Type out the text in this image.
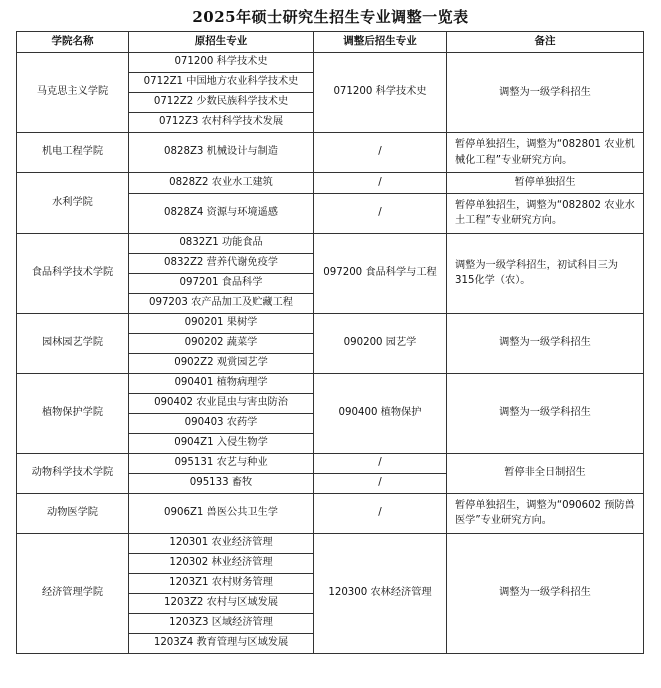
2025年硕士研究生招生专业调整一览表
学院名称	原招生专业	调整后招生专业	备注
马克思主义学院	071200 科学技术史	071200 科学技术史	调整为一级学科招生
	0712Z1 中国地方农业科学技术史		
	0712Z2 少数民族科学技术史		
	0712Z3 农村科学技术发展		
机电工程学院	0828Z3 机械设计与制造	/	暂停单独招生，调整为“082801 农业机械化工程”专业研究方向。
水利学院	0828Z2 农业水工建筑	/	暂停单独招生
	0828Z4 资源与环境遥感	/	暂停单独招生，调整为“082802 农业水土工程”专业研究方向。
食品科学技术学院	0832Z1 功能食品	097200 食品科学与工程	调整为一级学科招生，初试科目三为315化学（农）。
	0832Z2 营养代谢免疫学		
	097201 食品科学		
	097203 农产品加工及贮藏工程		
园林园艺学院	090201 果树学	090200 园艺学	调整为一级学科招生
	090202 蔬菜学		
	0902Z2 观赏园艺学		
植物保护学院	090401 植物病理学	090400 植物保护	调整为一级学科招生
	090402 农业昆虫与害虫防治		
	090403 农药学		
	0904Z1 入侵生物学		
动物科学技术学院	095131 农艺与种业	/	暂停非全日制招生
	095133 畜牧	/	
动物医学院	0906Z1 兽医公共卫生学	/	暂停单独招生，调整为“090602 预防兽医学”专业研究方向。
经济管理学院	120301 农业经济管理	120300 农林经济管理	调整为一级学科招生
	120302 林业经济管理		
	1203Z1 农村财务管理		
	1203Z2 农村与区域发展		
	1203Z3 区域经济管理		
	1203Z4 教育管理与区域发展		
